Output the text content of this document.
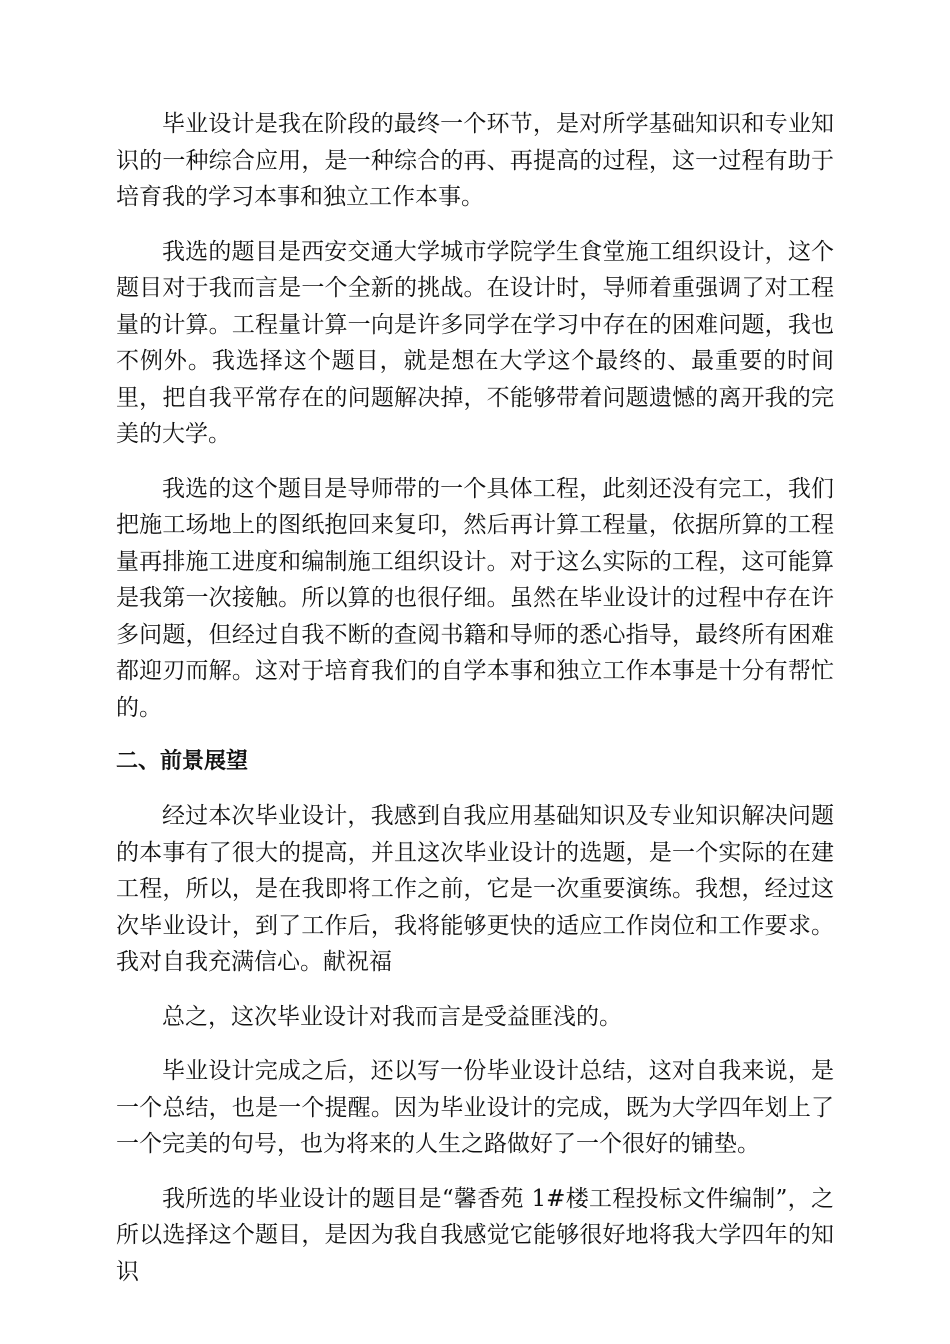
毕业设计是我在阶段的最终一个环节，是对所学基础知识和专业知识的一种综合应用，是一种综合的再、再提高的过程，这一过程有助于培育我的学习本事和独立工作本事。

我选的题目是西安交通大学城市学院学生食堂施工组织设计，这个题目对于我而言是一个全新的挑战。在设计时，导师着重强调了对工程量的计算。工程量计算一向是许多同学在学习中存在的困难问题，我也不例外。我选择这个题目，就是想在大学这个最终的、最重要的时间里，把自我平常存在的问题解决掉，不能够带着问题遗憾的离开我的完美的大学。

我选的这个题目是导师带的一个具体工程，此刻还没有完工，我们把施工场地上的图纸抱回来复印，然后再计算工程量，依据所算的工程量再排施工进度和编制施工组织设计。对于这么实际的工程，这可能算是我第一次接触。所以算的也很仔细。虽然在毕业设计的过程中存在许多问题，但经过自我不断的查阅书籍和导师的悉心指导，最终所有困难都迎刃而解。这对于培育我们的自学本事和独立工作本事是十分有帮忙的。

二、前景展望

经过本次毕业设计，我感到自我应用基础知识及专业知识解决问题的本事有了很大的提高，并且这次毕业设计的选题，是一个实际的在建工程，所以，是在我即将工作之前，它是一次重要演练。我想，经过这次毕业设计，到了工作后，我将能够更快的适应工作岗位和工作要求。我对自我充满信心。献祝福

总之，这次毕业设计对我而言是受益匪浅的。

毕业设计完成之后，还以写一份毕业设计总结，这对自我来说，是一个总结，也是一个提醒。因为毕业设计的完成，既为大学四年划上了一个完美的句号，也为将来的人生之路做好了一个很好的铺垫。

我所选的毕业设计的题目是“馨香苑 1#楼工程投标文件编制”，之所以选择这个题目，是因为我自我感觉它能够很好地将我大学四年的知识
